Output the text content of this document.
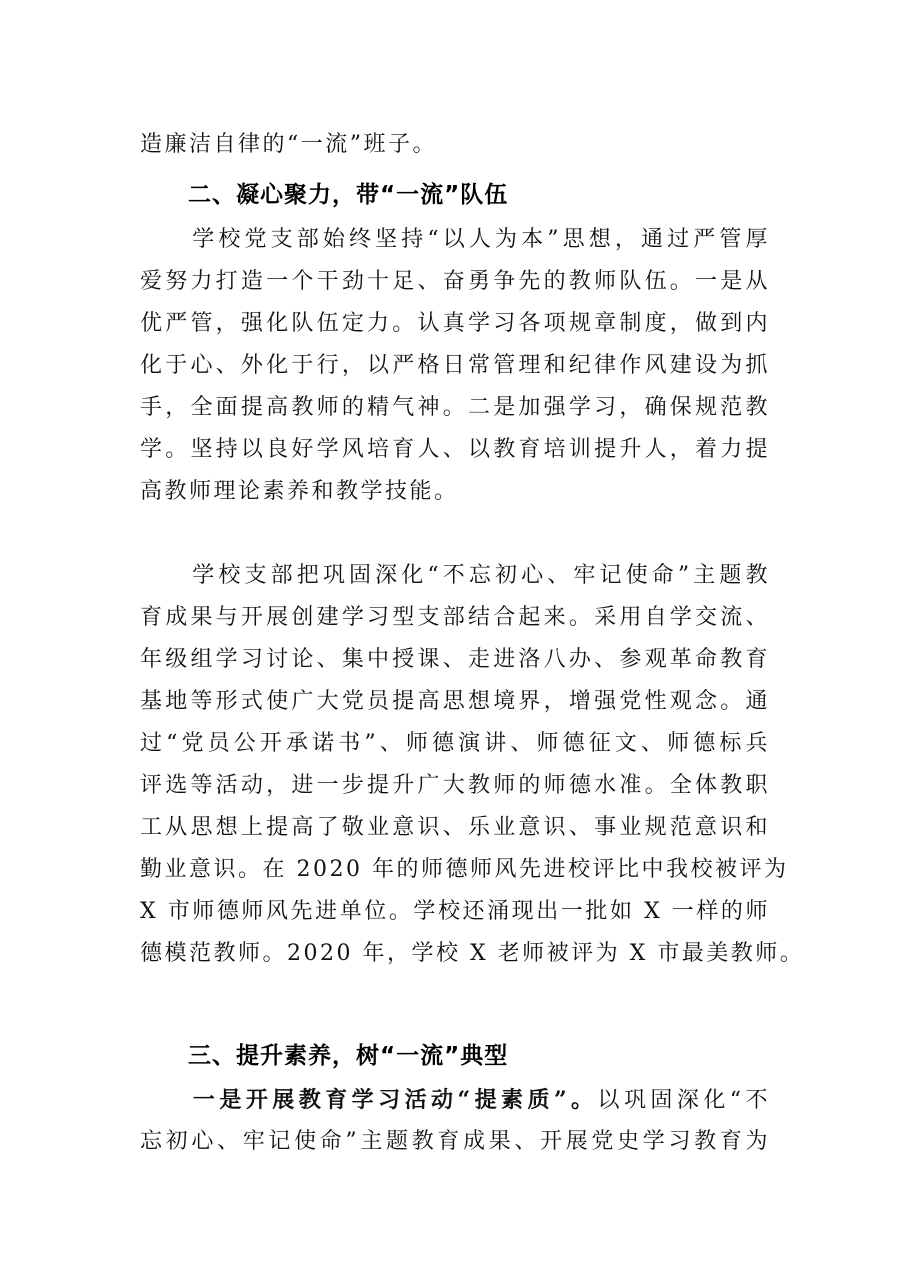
造廉洁自律的“一流”班子。
二、凝心聚力，带“一流”队伍
　　学校党支部始终坚持“以人为本”思想，通过严管厚
爱努力打造一个干劲十足、奋勇争先的教师队伍。一是从
优严管，强化队伍定力。认真学习各项规章制度，做到内
化于心、外化于行，以严格日常管理和纪律作风建设为抓
手，全面提高教师的精气神。二是加强学习，确保规范教
学。坚持以良好学风培育人、以教育培训提升人，着力提
高教师理论素养和教学技能。
　　学校支部把巩固深化“不忘初心、牢记使命”主题教
育成果与开展创建学习型支部结合起来。采用自学交流、
年级组学习讨论、集中授课、走进洛八办、参观革命教育
基地等形式使广大党员提高思想境界，增强党性观念。通
过“党员公开承诺书”、师德演讲、师德征文、师德标兵
评选等活动，进一步提升广大教师的师德水准。全体教职
工从思想上提高了敬业意识、乐业意识、事业规范意识和
勤业意识。在 2020 年的师德师风先进校评比中我校被评为
X 市师德师风先进单位。学校还涌现出一批如 X 一样的师
德模范教师。2020 年，学校 X 老师被评为 X 市最美教师。
三、提升素养，树“一流”典型
　　一是开展教育学习活动“提素质”。以巩固深化“不
忘初心、牢记使命”主题教育成果、开展党史学习教育为
